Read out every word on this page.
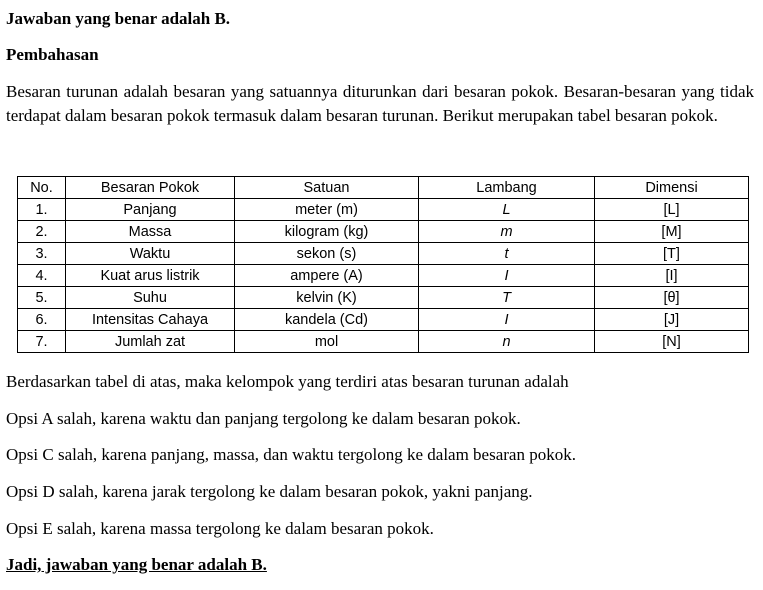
Jawaban yang benar adalah B.

Pembahasan

Besaran turunan adalah besaran yang satuannya diturunkan dari besaran pokok. Besaran-besaran yang tidak terdapat dalam besaran pokok termasuk dalam besaran turunan. Berikut merupakan tabel besaran pokok.

No.	Besaran Pokok	Satuan	Lambang	Dimensi
1.	Panjang	meter (m)	L	[L]
2.	Massa	kilogram (kg)	m	[M]
3.	Waktu	sekon (s)	t	[T]
4.	Kuat arus listrik	ampere (A)	I	[I]
5.	Suhu	kelvin (K)	T	[θ]
6.	Intensitas Cahaya	kandela (Cd)	I	[J]
7.	Jumlah zat	mol	n	[N]

Berdasarkan tabel di atas, maka kelompok yang terdiri atas besaran turunan adalah

Opsi A salah, karena waktu dan panjang tergolong ke dalam besaran pokok.

Opsi C salah, karena panjang, massa, dan waktu tergolong ke dalam besaran pokok.

Opsi D salah, karena jarak tergolong ke dalam besaran pokok, yakni panjang.

Opsi E salah, karena massa tergolong ke dalam besaran pokok.

Jadi, jawaban yang benar adalah B.
